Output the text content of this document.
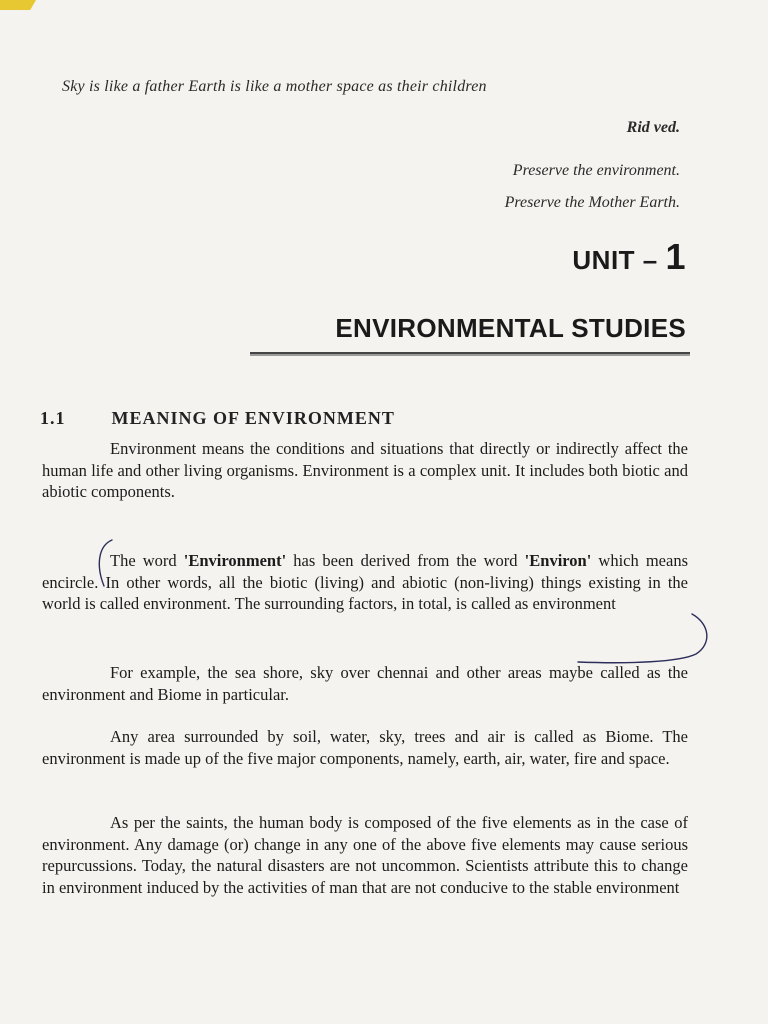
Sky is like a father Earth is like a mother space as their children
Rid ved.
Preserve the environment.
Preserve the Mother Earth.
UNIT – 1
ENVIRONMENTAL STUDIES
1.1	MEANING OF ENVIRONMENT
Environment means the conditions and situations that directly or indirectly affect the human life and other living organisms. Environment is a complex unit. It includes both biotic and abiotic components.
The word 'Environment' has been derived from the word 'Environ' which means encircle. In other words, all the biotic (living) and abiotic (non-living) things existing in the world is called environment. The surrounding factors, in total, is called as environment
For example, the sea shore, sky over chennai and other areas maybe called as the environment and Biome in particular.
Any area surrounded by soil, water, sky, trees and air is called as Biome. The environment is made up of the five major components, namely, earth, air, water, fire and space.
As per the saints, the human body is composed of the five elements as in the case of environment. Any damage (or) change in any one of the above five elements may cause serious repurcussions. Today, the natural disasters are not uncommon. Scientists attribute this to change in environment induced by the activities of man that are not conducive to the stable environment
